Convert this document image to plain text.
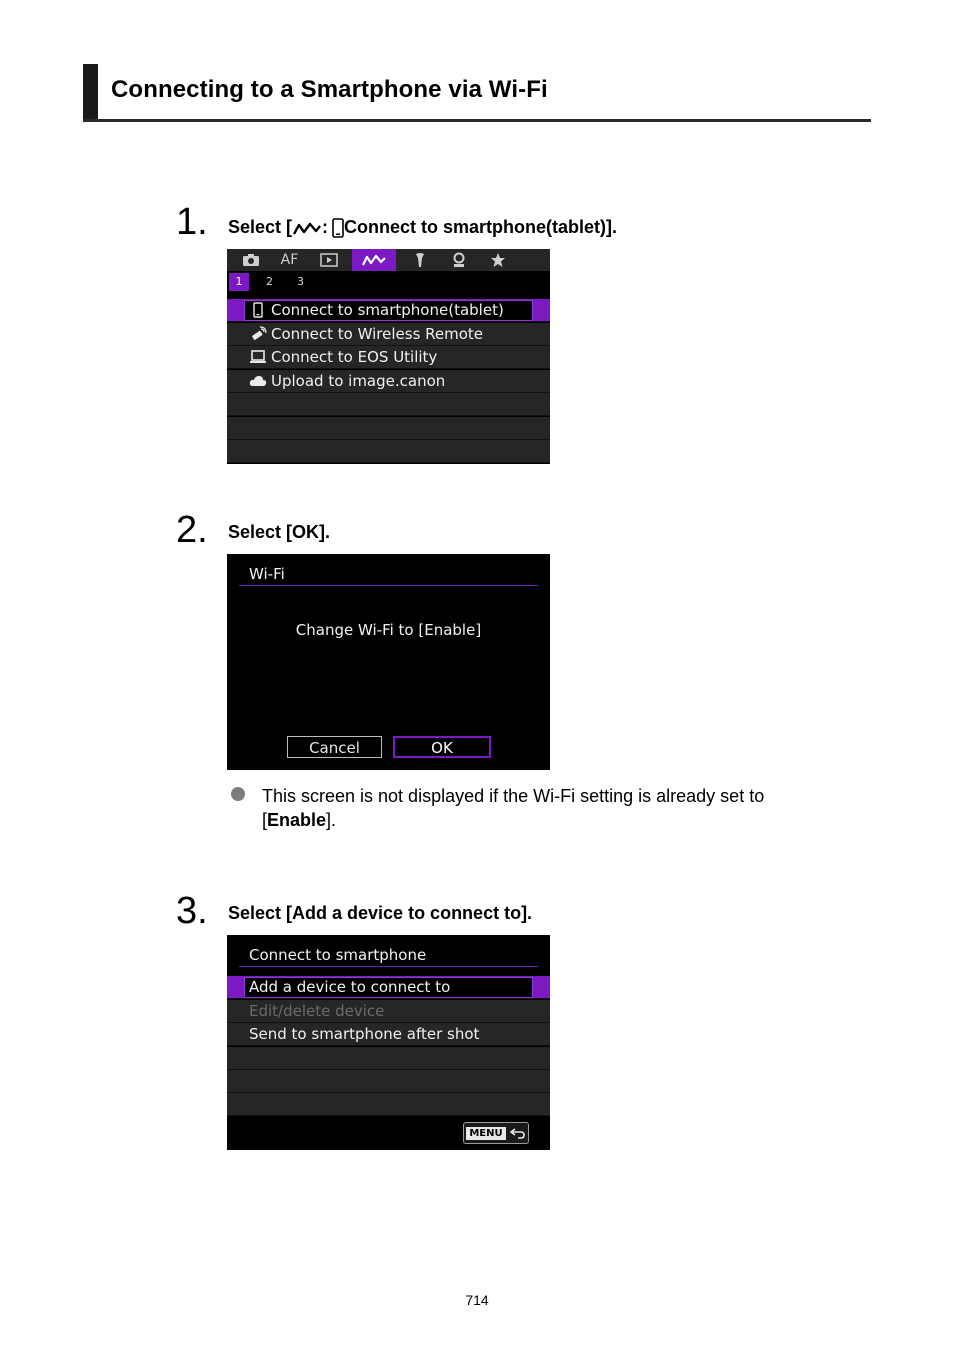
Connecting to a Smartphone via Wi-Fi
1. Select [ : Connect to smartphone(tablet)].
AF
1	2 3
Connect to smartphone(tablet)
Connect to Wireless Remote
Connect to EOS Utility
Upload to image.canon
2. Select [OK].
Wi-Fi
Change Wi-Fi to [Enable]
Cancel	OK
This screen is not displayed if the Wi-Fi setting is already set to [Enable].
3. Select [Add a device to connect to].
Connect to smartphone
Add a device to connect to
Edit/delete device
Send to smartphone after shot
MENU
714
